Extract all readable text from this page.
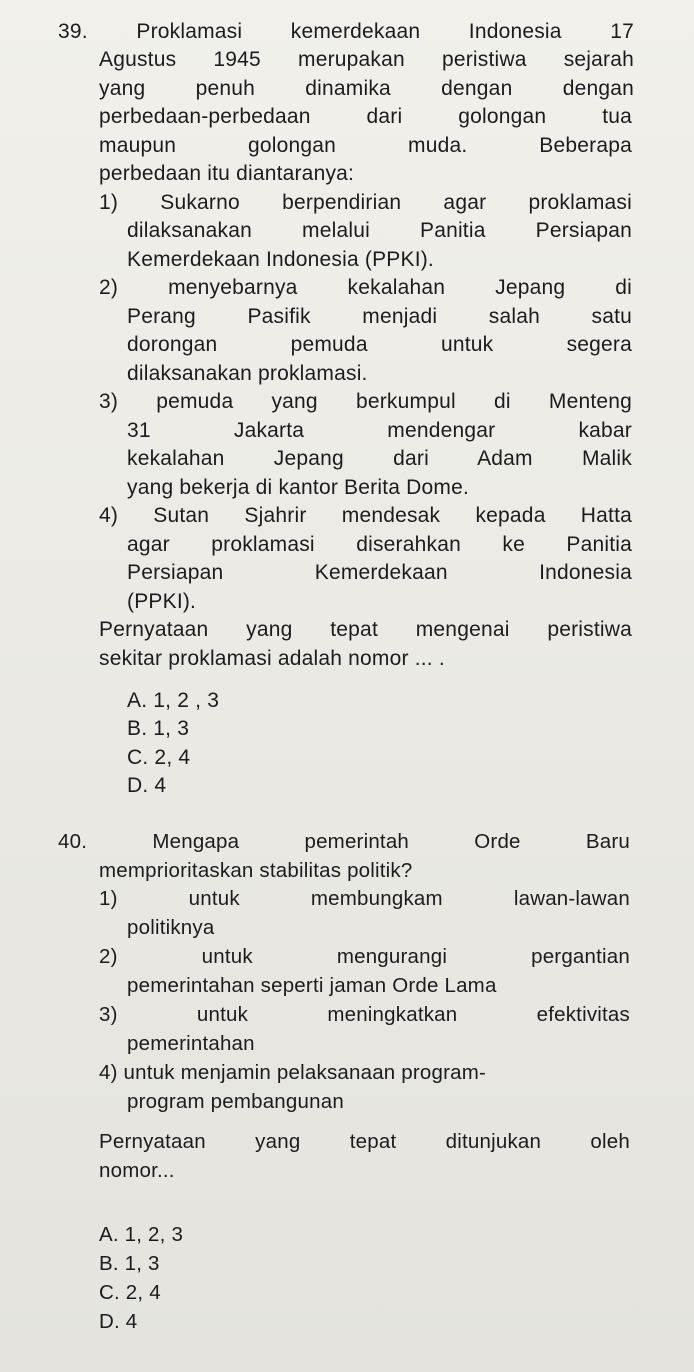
39. Proklamasi kemerdekaan Indonesia 17
Agustus 1945 merupakan peristiwa sejarah
yang penuh dinamika dengan dengan
perbedaan-perbedaan dari golongan tua
maupun golongan muda. Beberapa
perbedaan itu diantaranya:
1) Sukarno berpendirian agar proklamasi
dilaksanakan melalui Panitia Persiapan
Kemerdekaan Indonesia (PPKI).
2) menyebarnya kekalahan Jepang di
Perang Pasifik menjadi salah satu
dorongan pemuda untuk segera
dilaksanakan proklamasi.
3) pemuda yang berkumpul di Menteng
31 Jakarta mendengar kabar
kekalahan Jepang dari Adam Malik
yang bekerja di kantor Berita Dome.
4) Sutan Sjahrir mendesak kepada Hatta
agar proklamasi diserahkan ke Panitia
Persiapan Kemerdekaan Indonesia
(PPKI).
Pernyataan yang tepat mengenai peristiwa
sekitar proklamasi adalah nomor ... .
A. 1, 2 , 3
B. 1, 3
C. 2, 4
D. 4
40. Mengapa pemerintah Orde Baru
memprioritaskan stabilitas politik?
1) untuk membungkam lawan-lawan
politiknya
2) untuk mengurangi pergantian
pemerintahan seperti jaman Orde Lama
3) untuk meningkatkan efektivitas
pemerintahan
4) untuk menjamin pelaksanaan program-
program pembangunan
Pernyataan yang tepat ditunjukan oleh
nomor...
A. 1, 2, 3
B. 1, 3
C. 2, 4
D. 4
